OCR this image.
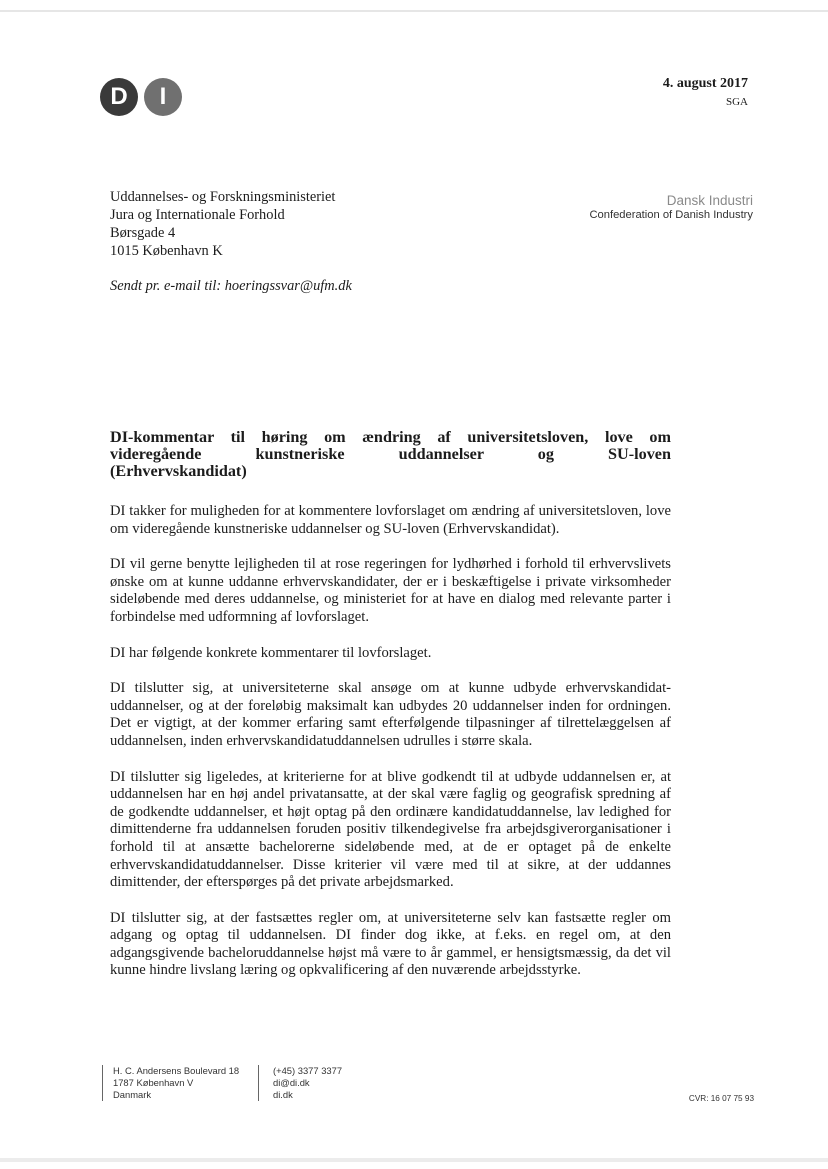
D	I	4. august 2017
SGA
Uddannelses- og Forskningsministeriet
Jura og Internationale Forhold
Børsgade 4
1015 København K
Sendt pr. e-mail til: hoeringssvar@ufm.dk
Dansk Industri
Confederation of Danish Industry
DI-kommentar til høring om ændring af universitetsloven, love om
videregående kunstneriske uddannelser og SU-loven
(Erhvervskandidat)

DI takker for muligheden for at kommentere lovforslaget om ændring af universitetsloven, love om videregående kunstneriske uddannelser og SU-loven (Erhvervskandidat).

DI vil gerne benytte lejligheden til at rose regeringen for lydhørhed i forhold til erhvervslivets ønske om at kunne uddanne erhvervskandidater, der er i beskæftigelse i private virksomheder sideløbende med deres uddannelse, og ministeriet for at have en dialog med relevante parter i forbindelse med udformning af lovforslaget.

DI har følgende konkrete kommentarer til lovforslaget.

DI tilslutter sig, at universiteterne skal ansøge om at kunne udbyde erhvervskandidat-uddannelser, og at der foreløbig maksimalt kan udbydes 20 uddannelser inden for ordningen. Det er vigtigt, at der kommer erfaring samt efterfølgende tilpasninger af tilrettelæggelsen af uddannelsen, inden erhvervskandidatuddannelsen udrulles i større skala.

DI tilslutter sig ligeledes, at kriterierne for at blive godkendt til at udbyde uddannelsen er, at uddannelsen har en høj andel privatansatte, at der skal være faglig og geografisk spredning af de godkendte uddannelser, et højt optag på den ordinære kandidatuddannelse, lav ledighed for dimittenderne fra uddannelsen foruden positiv tilkendegivelse fra arbejdsgiverorganisationer i forhold til at ansætte bachelorerne sideløbende med, at de er optaget på de enkelte erhvervskandidatuddannelser. Disse kriterier vil være med til at sikre, at der uddannes dimittender, der efterspørges på det private arbejdsmarked.

DI tilslutter sig, at der fastsættes regler om, at universiteterne selv kan fastsætte regler om adgang og optag til uddannelsen. DI finder dog ikke, at f.eks. en regel om, at den adgangsgivende bacheloruddannelse højst må være to år gammel, er hensigtsmæssig, da det vil kunne hindre livslang læring og opkvalificering af den nuværende arbejdsstyrke.

H. C. Andersens Boulevard 18
1787 København V
Danmark
(+45) 3377 3377
di@di.dk
di.dk	CVR: 16 07 75 93
